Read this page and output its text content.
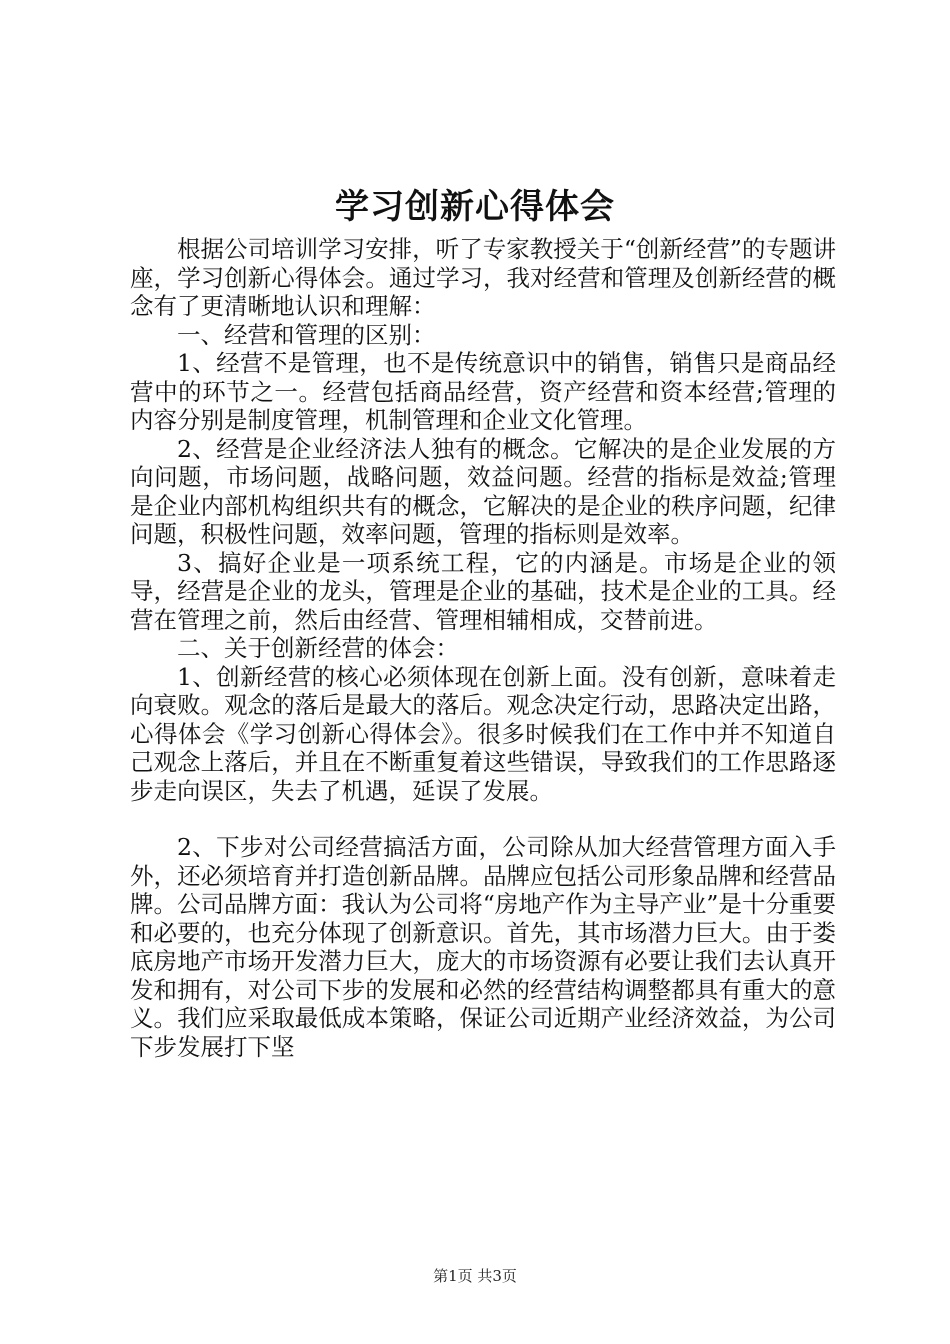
学习创新心得体会

根据公司培训学习安排，听了专家教授关于“创新经营”的专题讲座，学习创新心得体会。通过学习，我对经营和管理及创新经营的概念有了更清晰地认识和理解：

一、经营和管理的区别：

1、经营不是管理，也不是传统意识中的销售，销售只是商品经营中的环节之一。经营包括商品经营，资产经营和资本经营;管理的内容分别是制度管理，机制管理和企业文化管理。

2、经营是企业经济法人独有的概念。它解决的是企业发展的方向问题，市场问题，战略问题，效益问题。经营的指标是效益;管理是企业内部机构组织共有的概念，它解决的是企业的秩序问题，纪律问题，积极性问题，效率问题，管理的指标则是效率。

3、搞好企业是一项系统工程，它的内涵是。市场是企业的领导，经营是企业的龙头，管理是企业的基础，技术是企业的工具。经营在管理之前，然后由经营、管理相辅相成，交替前进。

二、关于创新经营的体会：

1、创新经营的核心必须体现在创新上面。没有创新，意味着走向衰败。观念的落后是最大的落后。观念决定行动，思路决定出路，心得体会《学习创新心得体会》。很多时候我们在工作中并不知道自己观念上落后，并且在不断重复着这些错误，导致我们的工作思路逐步走向误区，失去了机遇，延误了发展。

2、下步对公司经营搞活方面，公司除从加大经营管理方面入手外，还必须培育并打造创新品牌。品牌应包括公司形象品牌和经营品牌。公司品牌方面：我认为公司将“房地产作为主导产业”是十分重要和必要的，也充分体现了创新意识。首先，其市场潜力巨大。由于娄底房地产市场开发潜力巨大，庞大的市场资源有必要让我们去认真开发和拥有，对公司下步的发展和必然的经营结构调整都具有重大的意义。我们应采取最低成本策略，保证公司近期产业经济效益，为公司下步发展打下坚

第1页 共3页
